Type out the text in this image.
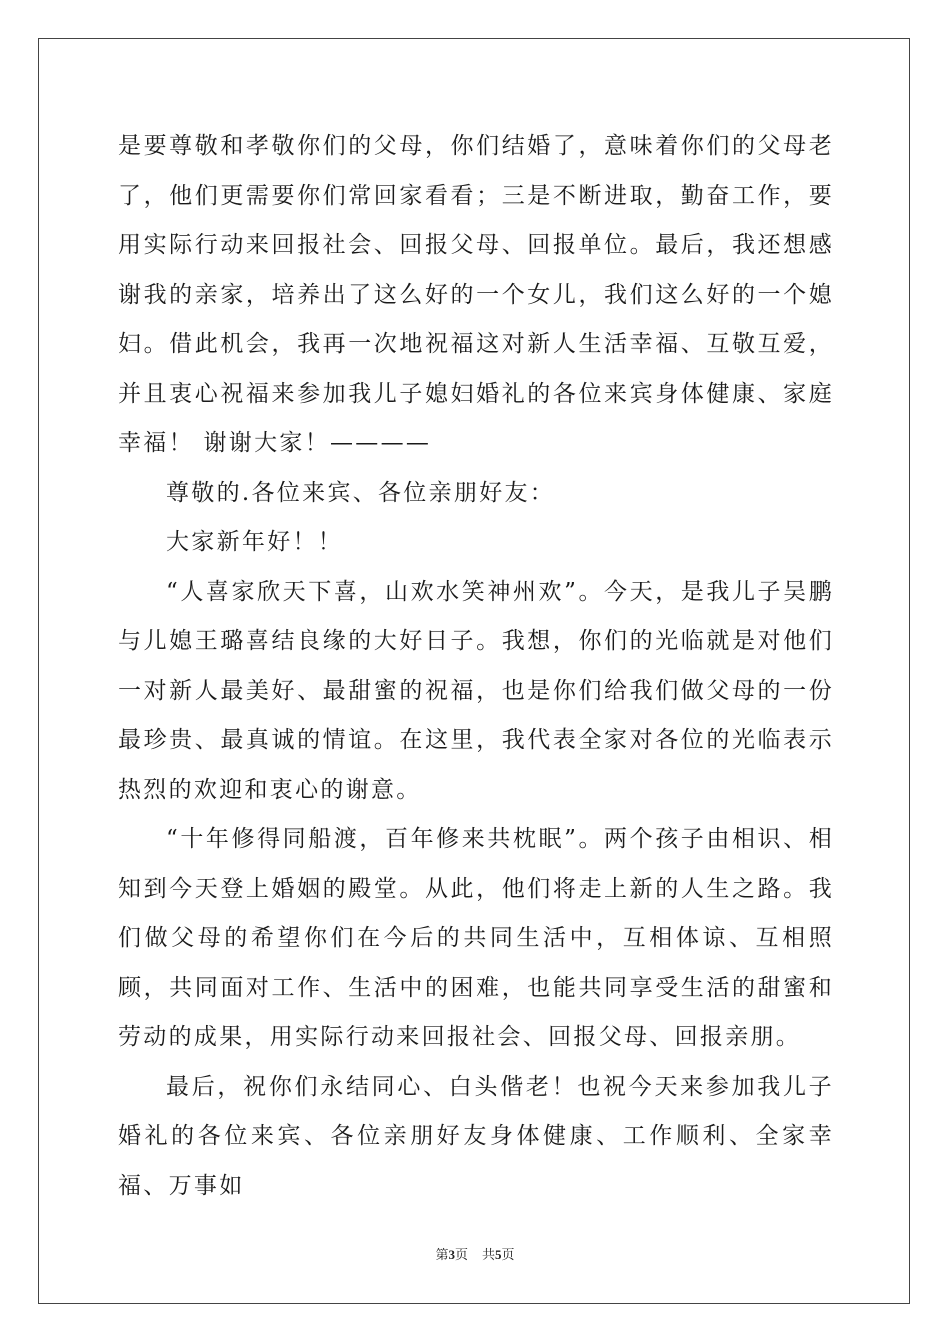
是要尊敬和孝敬你们的父母，你们结婚了，意味着你们的父母老了，他们更需要你们常回家看看；三是不断进取，勤奋工作，要用实际行动来回报社会、回报父母、回报单位。最后，我还想感谢我的亲家，培养出了这么好的一个女儿，我们这么好的一个媳妇。借此机会，我再一次地祝福这对新人生活幸福、互敬互爱，并且衷心祝福来参加我儿子媳妇婚礼的各位来宾身体健康、家庭幸福！ 谢谢大家！————

尊敬的.各位来宾、各位亲朋好友：

大家新年好！！

“人喜家欣天下喜，山欢水笑神州欢”。今天，是我儿子吴鹏与儿媳王璐喜结良缘的大好日子。我想，你们的光临就是对他们一对新人最美好、最甜蜜的祝福，也是你们给我们做父母的一份最珍贵、最真诚的情谊。在这里，我代表全家对各位的光临表示热烈的欢迎和衷心的谢意。

“十年修得同船渡，百年修来共枕眠”。两个孩子由相识、相知到今天登上婚姻的殿堂。从此，他们将走上新的人生之路。我们做父母的希望你们在今后的共同生活中，互相体谅、互相照顾，共同面对工作、生活中的困难，也能共同享受生活的甜蜜和劳动的成果，用实际行动来回报社会、回报父母、回报亲朋。

最后，祝你们永结同心、白头偕老！也祝今天来参加我儿子婚礼的各位来宾、各位亲朋好友身体健康、工作顺利、全家幸福、万事如

第3页 共5页
